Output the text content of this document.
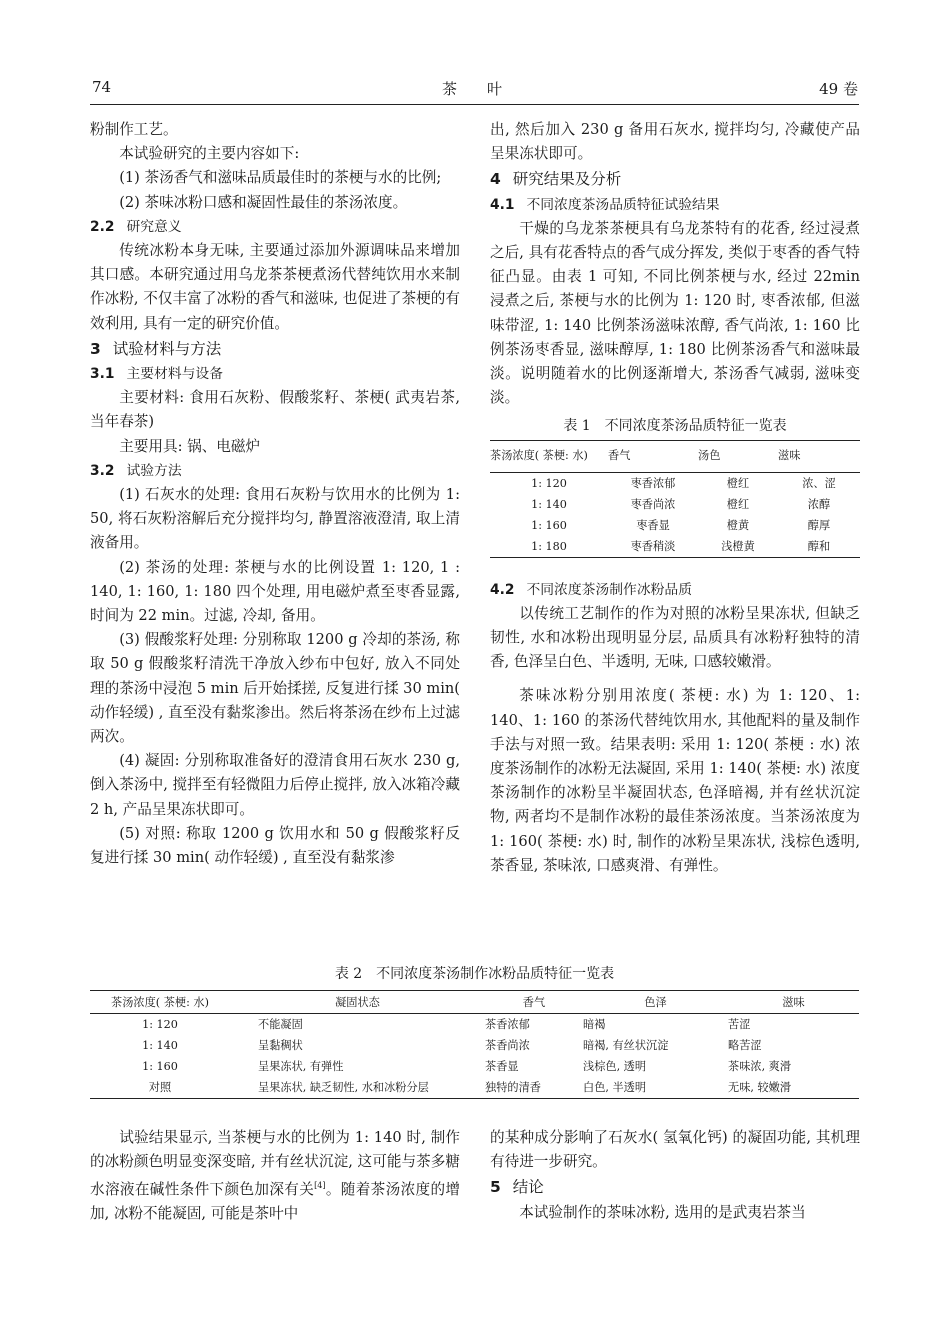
74	茶　　叶	49 卷

粉制作工艺。

本试验研究的主要内容如下:

(1) 茶汤香气和滋味品质最佳时的茶梗与水的比例;

(2) 茶味冰粉口感和凝固性最佳的茶汤浓度。

2.2 研究意义

传统冰粉本身无味, 主要通过添加外源调味品来增加其口感。本研究通过用乌龙茶茶梗煮汤代替纯饮用水来制作冰粉, 不仅丰富了冰粉的香气和滋味, 也促进了茶梗的有效利用, 具有一定的研究价值。

3 试验材料与方法

3.1 主要材料与设备

主要材料: 食用石灰粉、假酸浆籽、茶梗( 武夷岩茶, 当年春茶)

主要用具: 锅、电磁炉

3.2 试验方法

(1) 石灰水的处理: 食用石灰粉与饮用水的比例为 1: 50, 将石灰粉溶解后充分搅拌均匀, 静置溶液澄清, 取上清液备用。

(2) 茶汤的处理: 茶梗与水的比例设置 1: 120, 1 : 140, 1: 160, 1: 180 四个处理, 用电磁炉煮至枣香显露, 时间为 22 min。过滤, 冷却, 备用。

(3) 假酸浆籽处理: 分别称取 1200 g 冷却的茶汤, 称取 50 g 假酸浆籽清洗干净放入纱布中包好, 放入不同处理的茶汤中浸泡 5 min 后开始揉搓, 反复进行揉 30 min( 动作轻缓) , 直至没有黏浆渗出。然后将茶汤在纱布上过滤两次。

(4) 凝固: 分别称取准备好的澄清食用石灰水 230 g, 倒入茶汤中, 搅拌至有轻微阻力后停止搅拌, 放入冰箱冷藏 2 h, 产品呈果冻状即可。

(5) 对照: 称取 1200 g 饮用水和 50 g 假酸浆籽反复进行揉 30 min( 动作轻缓) , 直至没有黏浆渗

出, 然后加入 230 g 备用石灰水, 搅拌均匀, 冷藏使产品呈果冻状即可。

4 研究结果及分析

4.1 不同浓度茶汤品质特征试验结果

干燥的乌龙茶茶梗具有乌龙茶特有的花香, 经过浸煮之后, 具有花香特点的香气成分挥发, 类似于枣香的香气特征凸显。由表 1 可知, 不同比例茶梗与水, 经过 22min 浸煮之后, 茶梗与水的比例为 1: 120 时, 枣香浓郁, 但滋味带涩, 1: 140 比例茶汤滋味浓醇, 香气尚浓, 1: 160 比例茶汤枣香显, 滋味醇厚, 1: 180 比例茶汤香气和滋味最淡。说明随着水的比例逐渐增大, 茶汤香气减弱, 滋味变淡。

表 1　不同浓度茶汤品质特征一览表
茶汤浓度( 茶梗: 水)	香气	汤色	滋味
1: 120	枣香浓郁	橙红	浓、涩
1: 140	枣香尚浓	橙红	浓醇
1: 160	枣香显	橙黄	醇厚
1: 180	枣香稍淡	浅橙黄	醇和

4.2 不同浓度茶汤制作冰粉品质

以传统工艺制作的作为对照的冰粉呈果冻状, 但缺乏韧性, 水和冰粉出现明显分层, 品质具有冰粉籽独特的清香, 色泽呈白色、半透明, 无味, 口感较嫩滑。

茶味冰粉分别用浓度( 茶梗: 水) 为 1: 120、1: 140、1: 160 的茶汤代替纯饮用水, 其他配料的量及制作手法与对照一致。结果表明: 采用 1: 120( 茶梗 : 水) 浓度茶汤制作的冰粉无法凝固, 采用 1: 140( 茶梗: 水) 浓度茶汤制作的冰粉呈半凝固状态, 色泽暗褐, 并有丝状沉淀物, 两者均不是制作冰粉的最佳茶汤浓度。当茶汤浓度为 1: 160( 茶梗: 水) 时, 制作的冰粉呈果冻状, 浅棕色透明, 茶香显, 茶味浓, 口感爽滑、有弹性。

表 2　不同浓度茶汤制作冰粉品质特征一览表
茶汤浓度( 茶梗: 水)	凝固状态	香气	色泽	滋味
1: 120	不能凝固	茶香浓郁	暗褐	苦涩
1: 140	呈黏稠状	茶香尚浓	暗褐, 有丝状沉淀	略苦涩
1: 160	呈果冻状, 有弹性	茶香显	浅棕色, 透明	茶味浓, 爽滑
对照	呈果冻状, 缺乏韧性, 水和冰粉分层	独特的清香	白色, 半透明	无味, 较嫩滑

试验结果显示, 当茶梗与水的比例为 1: 140 时, 制作的冰粉颜色明显变深变暗, 并有丝状沉淀, 这可能与茶多糖水溶液在碱性条件下颜色加深有关[4]。随着茶汤浓度的增加, 冰粉不能凝固, 可能是茶叶中

的某种成分影响了石灰水( 氢氧化钙) 的凝固功能, 其机理有待进一步研究。

5 结论

本试验制作的茶味冰粉, 选用的是武夷岩茶当
